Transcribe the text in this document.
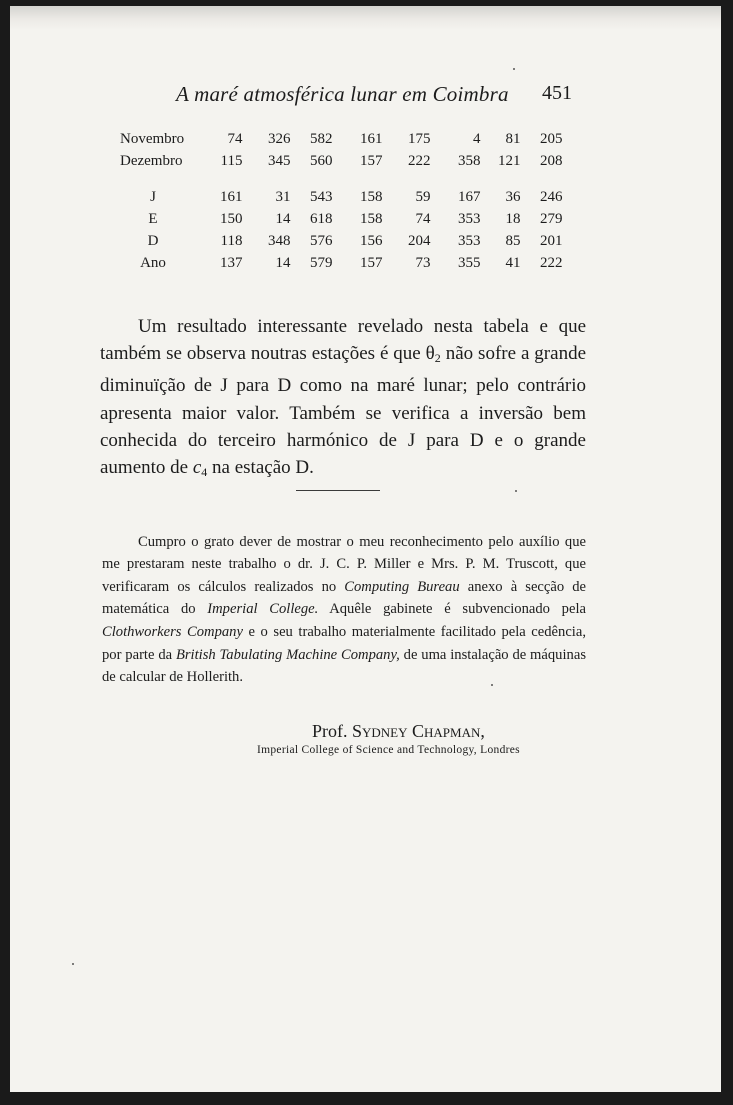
A maré atmosférica lunar em Coimbra 451
Novembro	74	326	582	161	175	4	81	205
Dezembro	115	345	560	157	222	358	121	208

J	161	31	543	158	59	167	36	246
E	150	14	618	158	74	353	18	279
D	118	348	576	156	204	353	85	201
Ano	137	14	579	157	73	355	41	222

Um resultado interessante revelado nesta tabela e que também se observa noutras estações é que $\theta_2$ não sofre a grande diminuïção de J para D como na maré lunar; pelo contrário apresenta maior valor. Também se verifica a inversão bem conhecida do terceiro harmónico de J para D e o grande aumento de $c_4$ na estação D.

Cumpro o grato dever de mostrar o meu reconhecimento pelo auxílio que me prestaram neste trabalho o dr. J. C. P. Miller e Mrs. P. M. Truscott, que verificaram os cálculos realizados no Computing Bureau anexo à secção de matemática do Imperial College. Aquêle gabinete é subvencionado pela Clothworkers Company e o seu trabalho materialmente facilitado pela cedência, por parte da British Tabulating Machine Company, de uma instalação de máquinas de calcular de Hollerith.

Prof. Sydney Chapman,
Imperial College of Science and Technology, Londres
